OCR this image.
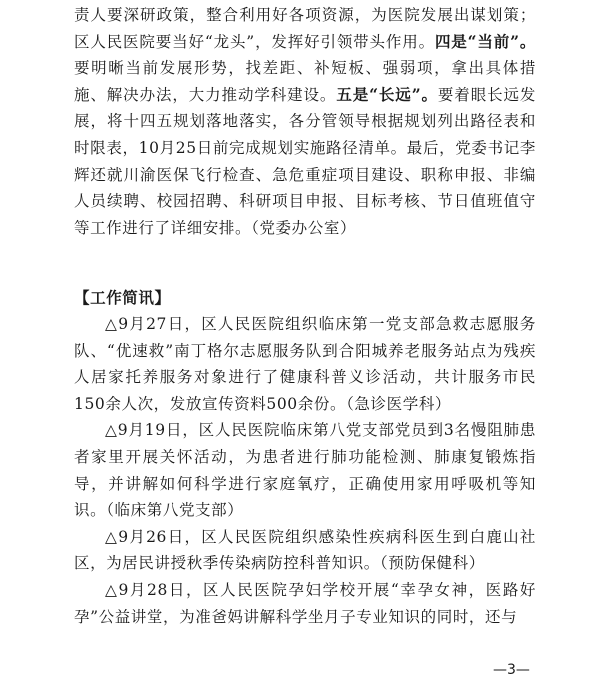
责人要深研政策，整合利用好各项资源，为医院发展出谋划策；区人民医院要当好“龙头”，发挥好引领带头作用。四是“当前”。要明晰当前发展形势，找差距、补短板、强弱项，拿出具体措施、解决办法，大力推动学科建设。五是“长远”。要着眼长远发展，将十四五规划落地落实，各分管领导根据规划列出路径表和时限表，10月25日前完成规划实施路径清单。最后，党委书记李辉还就川渝医保飞行检查、急危重症项目建设、职称申报、非编人员续聘、校园招聘、科研项目申报、目标考核、节日值班值守等工作进行了详细安排。（党委办公室）

【工作简讯】

△9月27日，区人民医院组织临床第一党支部急救志愿服务队、“优速救”南丁格尔志愿服务队到合阳城养老服务站点为残疾人居家托养服务对象进行了健康科普义诊活动，共计服务市民150余人次，发放宣传资料500余份。（急诊医学科）

△9月19日，区人民医院临床第八党支部党员到3名慢阻肺患者家里开展关怀活动，为患者进行肺功能检测、肺康复锻炼指导，并讲解如何科学进行家庭氧疗，正确使用家用呼吸机等知识。（临床第八党支部）

△9月26日，区人民医院组织感染性疾病科医生到白鹿山社区，为居民讲授秋季传染病防控科普知识。（预防保健科）

△9月28日，区人民医院孕妇学校开展“幸孕女神，医路好孕”公益讲堂，为准爸妈讲解科学坐月子专业知识的同时，还与

—3—
